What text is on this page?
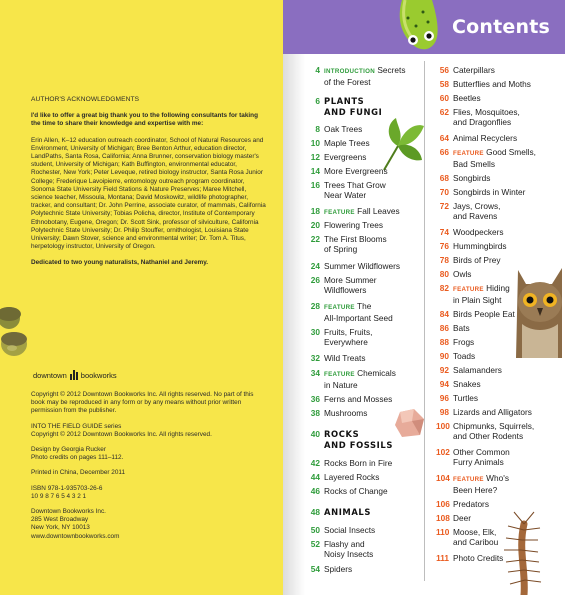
AUTHOR'S ACKNOWLEDGMENTS

I'd like to offer a great big thank you to the following consultants for taking the time to share their knowledge and expertise with me:

Erin Allen, K–12 education outreach coordinator, School of Natural Resources and Environment, University of Michigan; Bree Benton Arthur, education director, LandPaths, Santa Rosa, California; Anna Brunner, conservation biology master's student, University of Michigan; Kath Buffington, environmental educator, Rochester, New York; Peter Leveque, retired biology instructor, Santa Rosa Junior College; Frederique Lavoipierre, entomology outreach program coordinator, Sonoma State University Field Stations & Nature Preserves; Maree Mitchell, science teacher, Missoula, Montana; David Moskowitz, wildlife photographer, tracker, and consultant; Dr. John Perrine, associate curator, of mammals, California Polytechnic State University; Tobias Policha, director, Institute of Contemporary Ethnobotany, Eugene, Oregon; Dr. Scott Sink, professor of silviculture, California Polytechnic State University; Dr. Philip Stouffer, ornithologist, Louisiana State University; Dawn Stover, science and environmental writer; Dr. Tom A. Titus, herpetology instructor, University of Oregon.

Dedicated to two young naturalists, Nathaniel and Jeremy.

downtown bookworks

Copyright © 2012 Downtown Bookworks Inc. All rights reserved. No part of this book may be reproduced in any form or by any means without prior written permission from the publisher.

INTO THE FIELD GUIDE series
Copyright © 2012 Downtown Bookworks Inc. All rights reserved.

Design by Georgia Rucker
Photo credits on pages 111–112.

Printed in China, December 2011

ISBN 978-1-935703-26-6
10 9 8 7 6 5 4 3 2 1

Downtown Bookworks Inc.
285 West Broadway
New York, NY 10013
www.downtownbookworks.com

Contents
4 INTRODUCTION Secrets
of the Forest
6 PLANTS
AND FUNGI
8 Oak Trees
10 Maple Trees
12 Evergreens
14 More Evergreens
16 Trees That Grow
Near Water
18 FEATURE Fall Leaves
20 Flowering Trees
22 The First Blooms
of Spring
24 Summer Wildflowers
26 More Summer
Wildflowers
28 FEATURE The
All-Important Seed
30 Fruits, Fruits,
Everywhere
32 Wild Treats
34 FEATURE Chemicals
in Nature
36 Ferns and Mosses
38 Mushrooms
40 ROCKS
AND FOSSILS
42 Rocks Born in Fire
44 Layered Rocks
46 Rocks of Change
48 ANIMALS
50 Social Insects
52 Flashy and
Noisy Insects
54 Spiders
56 Caterpillars
58 Butterflies and Moths
60 Beetles
62 Flies, Mosquitoes,
and Dragonflies
64 Animal Recyclers
66 FEATURE Good Smells,
Bad Smells
68 Songbirds
70 Songbirds in Winter
72 Jays, Crows,
and Ravens
74 Woodpeckers
76 Hummingbirds
78 Birds of Prey
80 Owls
82 FEATURE Hiding
in Plain Sight
84 Birds People Eat
86 Bats
88 Frogs
90 Toads
92 Salamanders
94 Snakes
96 Turtles
98 Lizards and Alligators
100 Chipmunks, Squirrels,
and Other Rodents
102 Other Common
Furry Animals
104 FEATURE Who's
Been Here?
106 Predators
108 Deer
110 Moose, Elk,
and Caribou
111 Photo Credits
